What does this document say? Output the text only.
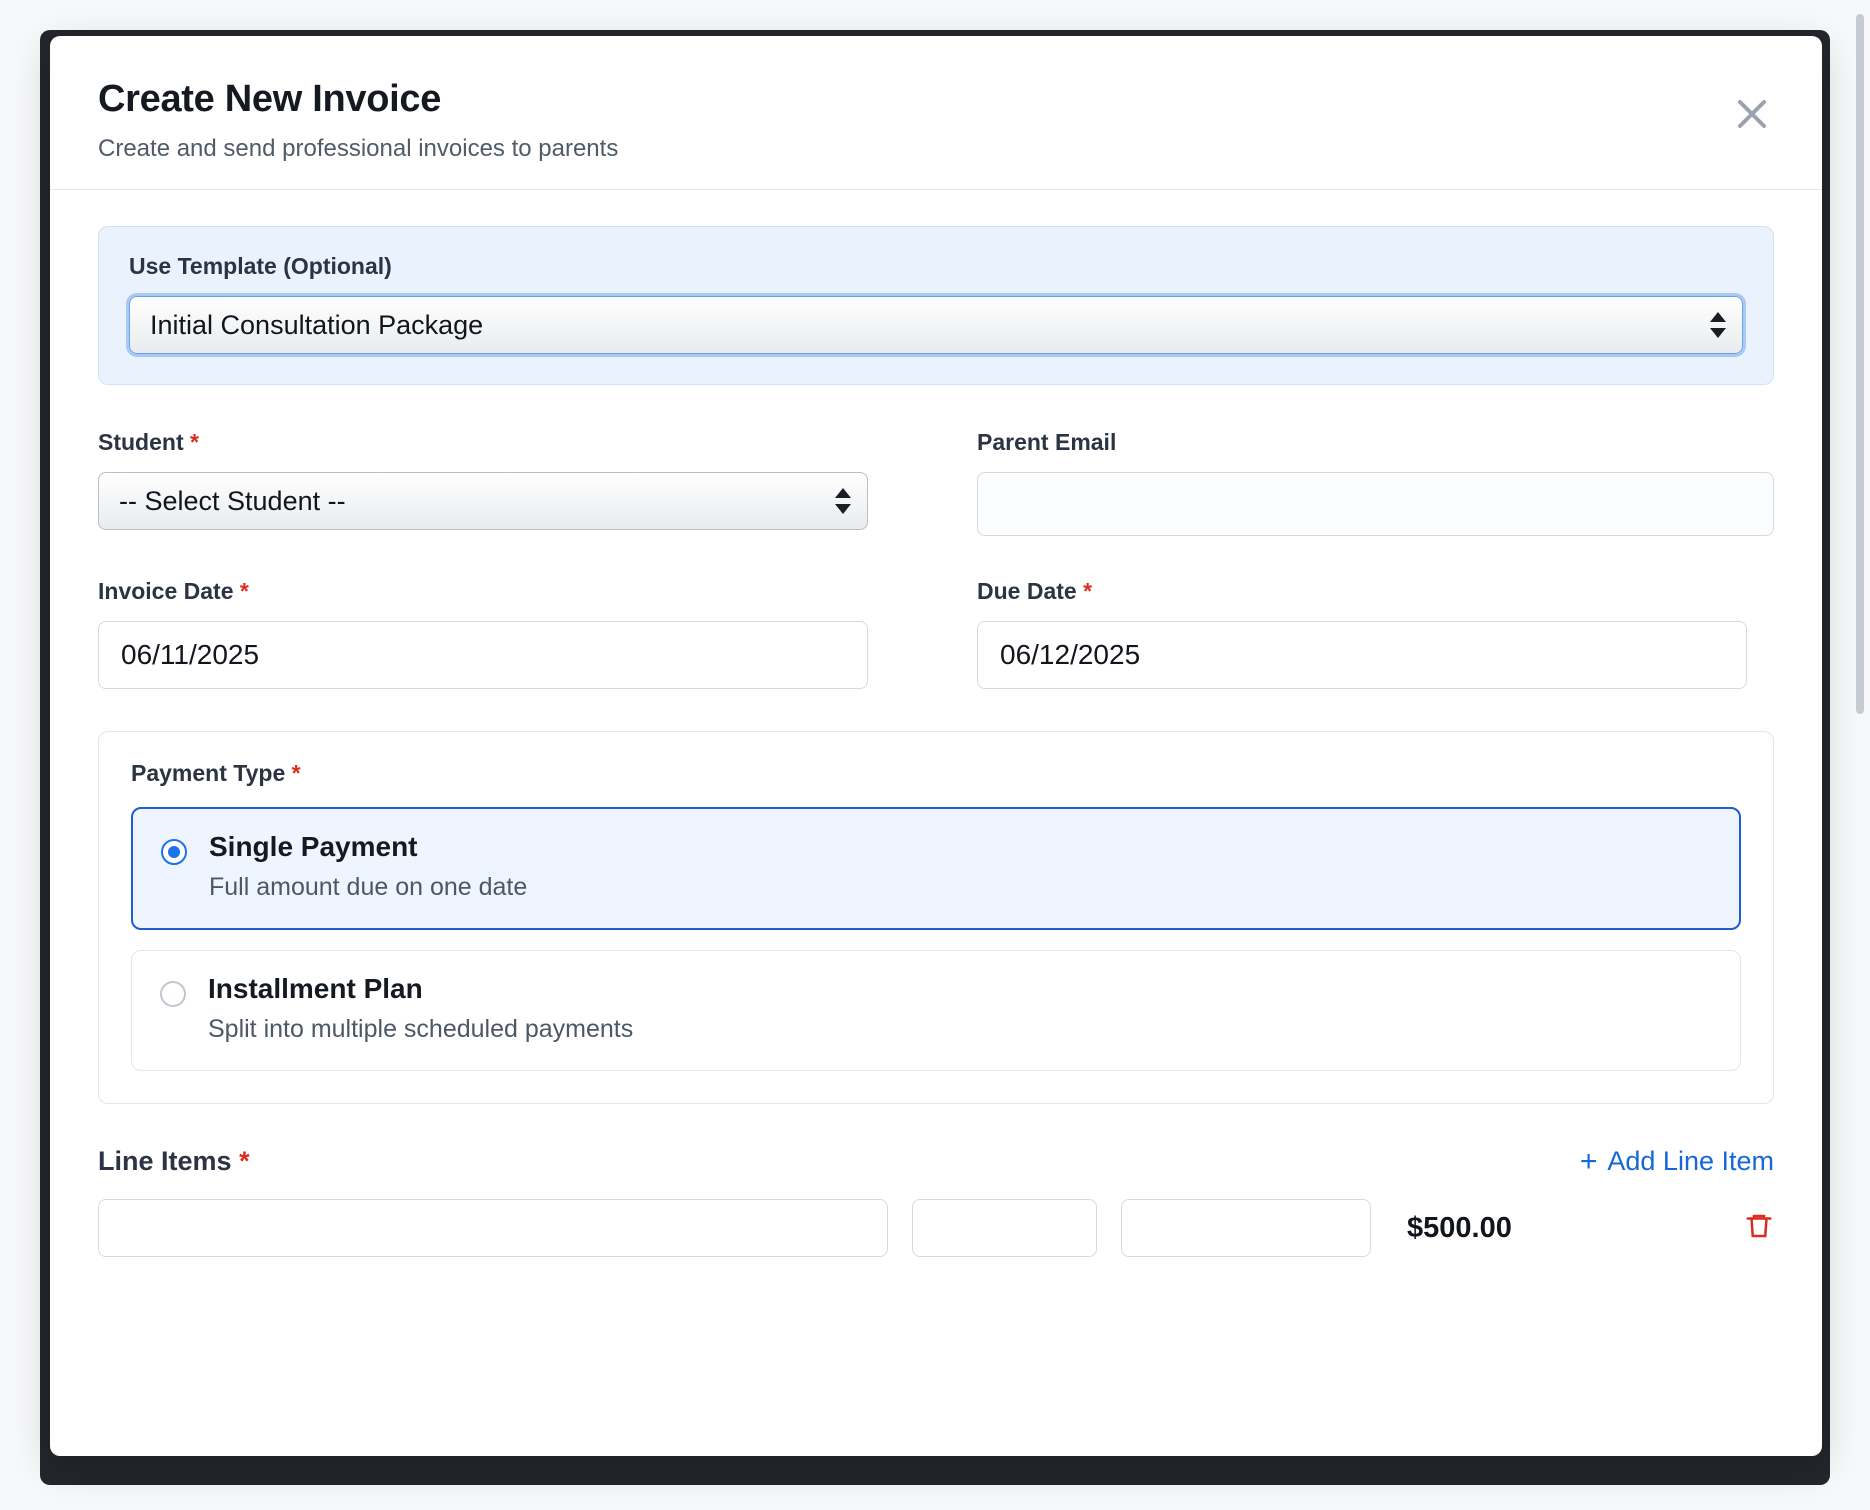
Create New Invoice

Create and send professional invoices to parents

Use Template (Optional)
Initial Consultation Package
Student *
-- Select Student --
Parent Email
Invoice Date *
06/11/2025
Due Date *
06/12/2025
Payment Type *
Single Payment
Full amount due on one date
Installment Plan
Split into multiple scheduled payments
Line Items *	+ Add Line Item
$500.00
